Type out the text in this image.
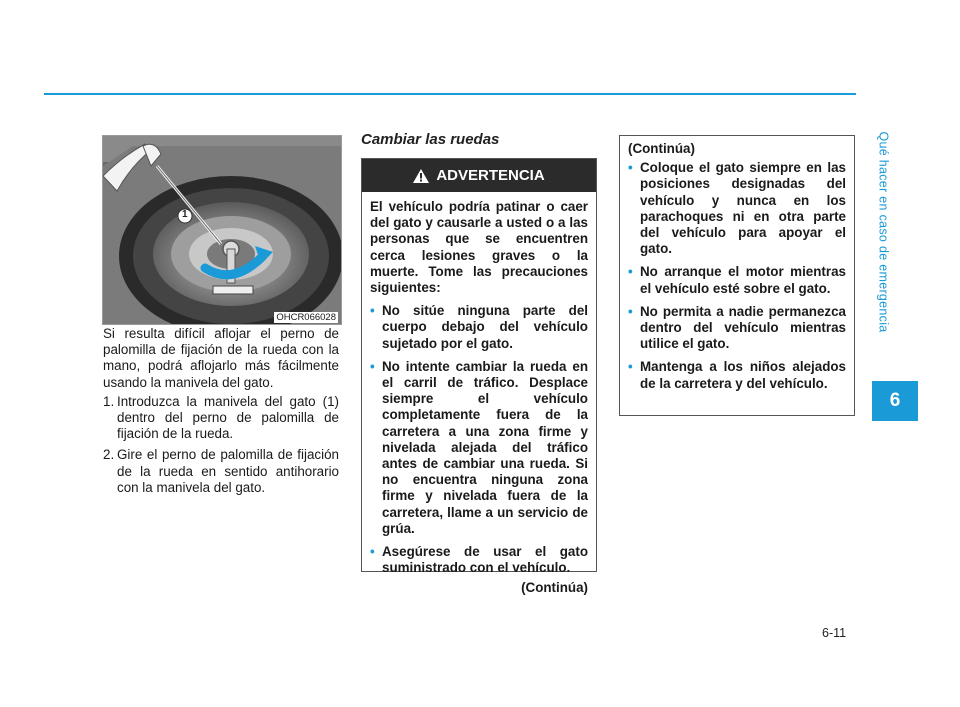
Qué hacer en caso de emergencia
6
6-11
1
OHCR066028

Si resulta difícil aflojar el perno de palomilla de fijación de la rueda con la mano, podrá aflojarlo más fácilmente usando la manivela del gato.

1. Introduzca la manivela del gato (1) dentro del perno de palomilla de fijación de la rueda.
2. Gire el perno de palomilla de fijación de la rueda en sentido antihorario con la manivela del gato.
Cambiar las ruedas
ADVERTENCIA

El vehículo podría patinar o caer del gato y causarle a usted o a las personas que se encuentren cerca lesiones graves o la muerte. Tome las precauciones siguientes:

• No sitúe ninguna parte del cuerpo debajo del vehículo sujetado por el gato.
• No intente cambiar la rueda en el carril de tráfico. Desplace siempre el vehículo completamente fuera de la carretera a una zona firme y nivelada alejada del tráfico antes de cambiar una rueda. Si no encuentra ninguna zona firme y nivelada fuera de la carretera, llame a un servicio de grúa.
• Asegúrese de usar el gato suministrado con el vehículo.
(Continúa)

(Continúa)

• Coloque el gato siempre en las posiciones designadas del vehículo y nunca en los parachoques ni en otra parte del vehículo para apoyar el gato.
• No arranque el motor mientras el vehículo esté sobre el gato.
• No permita a nadie permanezca dentro del vehículo mientras utilice el gato.
• Mantenga a los niños alejados de la carretera y del vehículo.
